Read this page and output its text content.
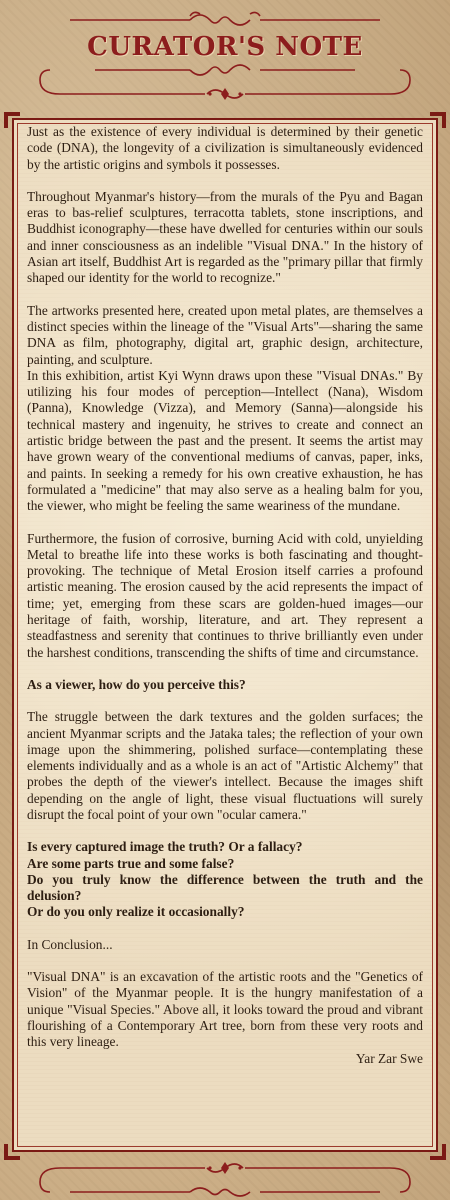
CURATOR'S NOTE

Just as the existence of every individual is determined by their genetic code (DNA), the longevity of a civilization is simultaneously evidenced by the artistic origins and symbols it possesses.

Throughout Myanmar's history—from the murals of the Pyu and Bagan eras to bas-relief sculptures, terracotta tablets, stone inscriptions, and Buddhist iconography—these have dwelled for centuries within our souls and inner consciousness as an indelible "Visual DNA." In the history of Asian art itself, Buddhist Art is regarded as the "primary pillar that firmly shaped our identity for the world to recognize."

The artworks presented here, created upon metal plates, are themselves a distinct species within the lineage of the "Visual Arts"—sharing the same DNA as film, photography, digital art, graphic design, architecture, painting, and sculpture.

In this exhibition, artist Kyi Wynn draws upon these "Visual DNAs." By utilizing his four modes of perception—Intellect (Nana), Wisdom (Panna), Knowledge (Vizza), and Memory (Sanna)—alongside his technical mastery and ingenuity, he strives to create and connect an artistic bridge between the past and the present. It seems the artist may have grown weary of the conventional mediums of canvas, paper, inks, and paints. In seeking a remedy for his own creative exhaustion, he has formulated a "medicine" that may also serve as a healing balm for you, the viewer, who might be feeling the same weariness of the mundane.

Furthermore, the fusion of corrosive, burning Acid with cold, unyielding Metal to breathe life into these works is both fascinating and thought-provoking. The technique of Metal Erosion itself carries a profound artistic meaning. The erosion caused by the acid represents the impact of time; yet, emerging from these scars are golden-hued images—our heritage of faith, worship, literature, and art. They represent a steadfastness and serenity that continues to thrive brilliantly even under the harshest conditions, transcending the shifts of time and circumstance.

As a viewer, how do you perceive this?

The struggle between the dark textures and the golden surfaces; the ancient Myanmar scripts and the Jataka tales; the reflection of your own image upon the shimmering, polished surface—contemplating these elements individually and as a whole is an act of "Artistic Alchemy" that probes the depth of the viewer's intellect. Because the images shift depending on the angle of light, these visual fluctuations will surely disrupt the focal point of your own "ocular camera."

Is every captured image the truth? Or a fallacy?
Are some parts true and some false?
Do you truly know the difference between the truth and the delusion?
Or do you only realize it occasionally?

In Conclusion...

"Visual DNA" is an excavation of the artistic roots and the "Genetics of Vision" of the Myanmar people. It is the hungry manifestation of a unique "Visual Species." Above all, it looks toward the proud and vibrant flourishing of a Contemporary Art tree, born from these very roots and this very lineage.

Yar Zar Swe
